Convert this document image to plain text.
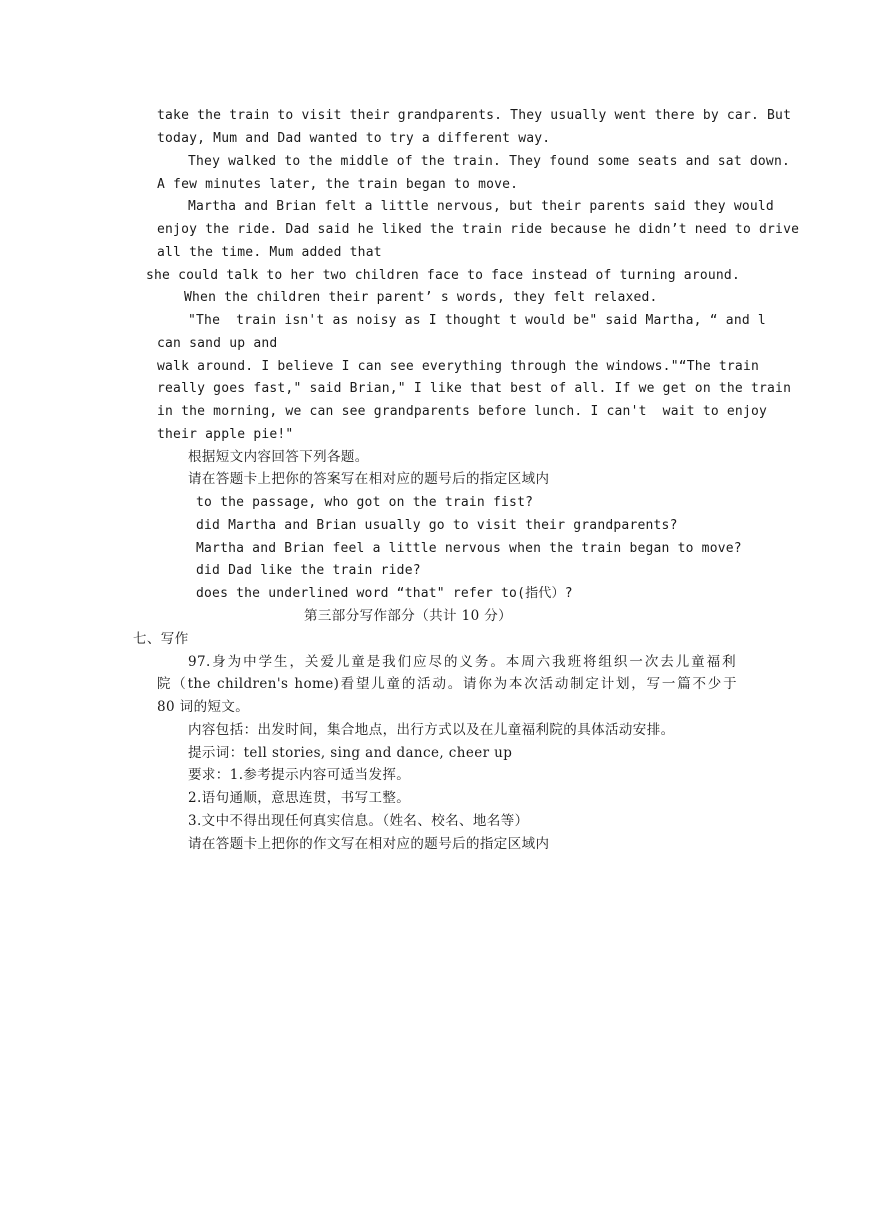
take the train to visit their grandparents. They usually went there by car. But
today, Mum and Dad wanted to try a different way.
They walked to the middle of the train. They found some seats and sat down.
A few minutes later, the train began to move.
Martha and Brian felt a little nervous, but their parents said they would
enjoy the ride. Dad said he liked the train ride because he didn’t need to drive
all the time. Mum added that
she could talk to her two children face to face instead of turning around.
When the children their parent’ s words, they felt relaxed.
"The  train isn't as noisy as I thought t would be" said Martha, “ and l
can sand up and
walk around. I believe I can see everything through the windows."“The train
really goes fast," said Brian," I like that best of all. If we get on the train
in the morning, we can see grandparents before lunch. I can't  wait to enjoy
their apple pie!"
根据短文内容回答下列各题。
请在答题卡上把你的答案写在相对应的题号后的指定区域内
to the passage, who got on the train fist?
did Martha and Brian usually go to visit their grandparents?
Martha and Brian feel a little nervous when the train began to move?
did Dad like the train ride?
does the underlined word “that" refer to(指代）?
第三部分写作部分（共计 10 分）
七、写作
97.身为中学生，关爱儿童是我们应尽的义务。本周六我班将组织一次去儿童福利
院（the children's home)看望儿童的活动。请你为本次活动制定计划，写一篇不少于
80 词的短文。
内容包括：出发时间，集合地点，出行方式以及在儿童福利院的具体活动安排。
提示词：tell stories, sing and dance, cheer up
要求：1.参考提示内容可适当发挥。
2.语句通顺，意思连贯，书写工整。
3.文中不得出现任何真实信息。（姓名、校名、地名等）
请在答题卡上把你的作文写在相对应的题号后的指定区域内
